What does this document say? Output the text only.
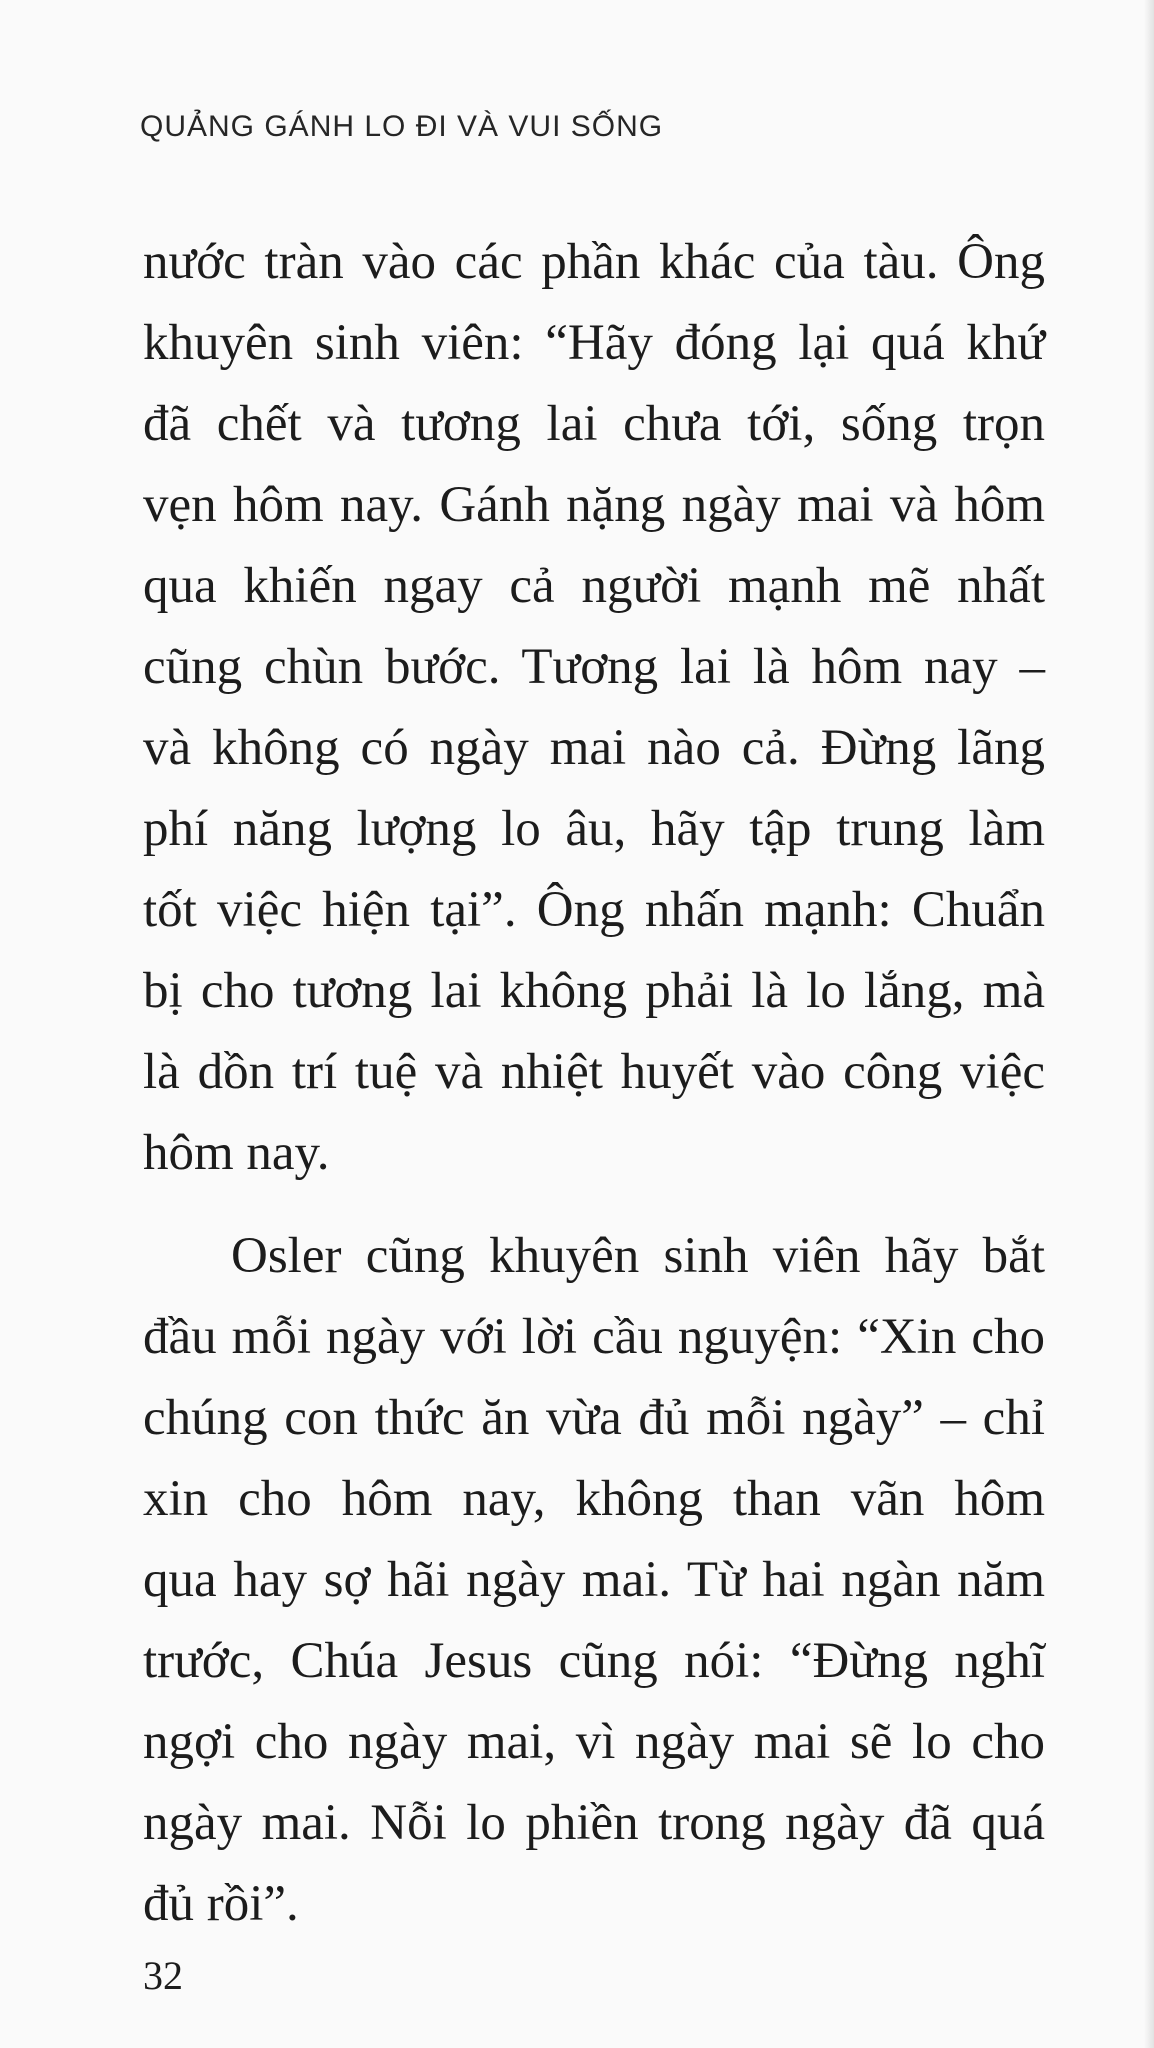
QUẢNG GÁNH LO ĐI VÀ VUI SỐNG
nước tràn vào các phần khác của tàu. Ông
khuyên sinh viên: “Hãy đóng lại quá khứ
đã chết và tương lai chưa tới, sống trọn
vẹn hôm nay. Gánh nặng ngày mai và hôm
qua khiến ngay cả người mạnh mẽ nhất
cũng chùn bước. Tương lai là hôm nay –
và không có ngày mai nào cả. Đừng lãng
phí năng lượng lo âu, hãy tập trung làm
tốt việc hiện tại”. Ông nhấn mạnh: Chuẩn
bị cho tương lai không phải là lo lắng, mà
là dồn trí tuệ và nhiệt huyết vào công việc
hôm nay.
Osler cũng khuyên sinh viên hãy bắt
đầu mỗi ngày với lời cầu nguyện: “Xin cho
chúng con thức ăn vừa đủ mỗi ngày” – chỉ
xin cho hôm nay, không than vãn hôm
qua hay sợ hãi ngày mai. Từ hai ngàn năm
trước, Chúa Jesus cũng nói: “Đừng nghĩ
ngợi cho ngày mai, vì ngày mai sẽ lo cho
ngày mai. Nỗi lo phiền trong ngày đã quá
đủ rồi”.
32
